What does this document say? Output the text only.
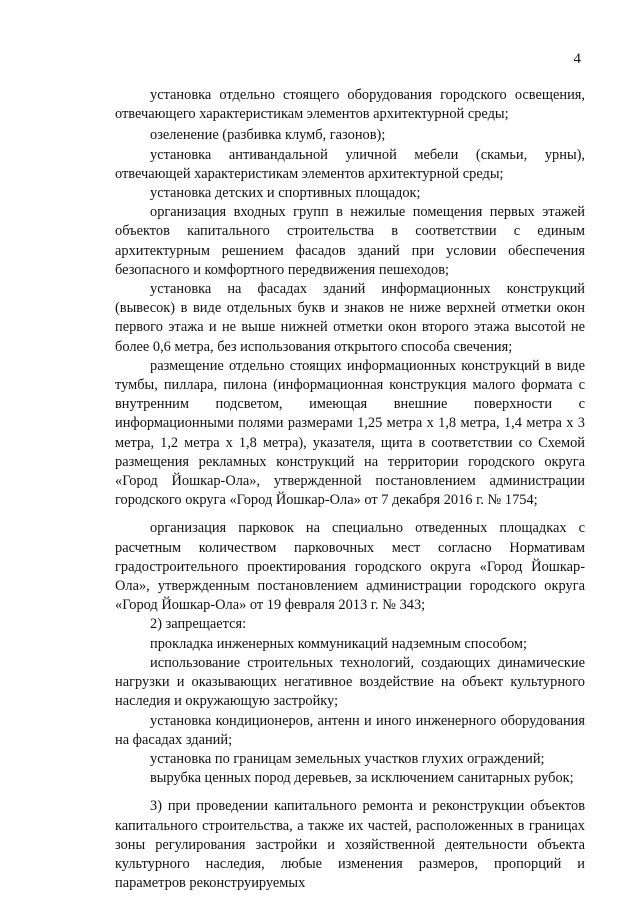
4

установка отдельно стоящего оборудования городского освещения, отвечающего характеристикам элементов архитектурной среды;

озеленение (разбивка клумб, газонов);

установка антивандальной уличной мебели (скамьи, урны), отвечающей характеристикам элементов архитектурной среды;

установка детских и спортивных площадок;

организация входных групп в нежилые помещения первых этажей объектов капитального строительства в соответствии с единым архитектурным решением фасадов зданий при условии обеспечения безопасного и комфортного передвижения пешеходов;

установка на фасадах зданий информационных конструкций (вывесок) в виде отдельных букв и знаков не ниже верхней отметки окон первого этажа и не выше нижней отметки окон второго этажа высотой не более 0,6 метра, без использования открытого способа свечения;

размещение отдельно стоящих информационных конструкций в виде тумбы, пиллара, пилона (информационная конструкция малого формата с внутренним подсветом, имеющая внешние поверхности с информационными полями размерами 1,25 метра х 1,8 метра, 1,4 метра х 3 метра, 1,2 метра х 1,8 метра), указателя, щита в соответствии со Схемой размещения рекламных конструкций на территории городского округа «Город Йошкар-Ола», утвержденной постановлением администрации городского округа «Город Йошкар-Ола» от 7 декабря 2016 г. № 1754;

организация парковок на специально отведенных площадках с расчетным количеством парковочных мест согласно Нормативам градостроительного проектирования городского округа «Город Йошкар-Ола», утвержденным постановлением администрации городского округа «Город Йошкар-Ола» от 19 февраля 2013 г. № 343;

2) запрещается:

прокладка инженерных коммуникаций надземным способом;

использование строительных технологий, создающих динамические нагрузки и оказывающих негативное воздействие на объект культурного наследия и окружающую застройку;

установка кондиционеров, антенн и иного инженерного оборудования на фасадах зданий;

установка по границам земельных участков глухих ограждений;

вырубка ценных пород деревьев, за исключением санитарных рубок;

3) при проведении капитального ремонта и реконструкции объектов капитального строительства, а также их частей, расположенных в границах зоны регулирования застройки и хозяйственной деятельности объекта культурного наследия, любые изменения размеров, пропорций и параметров реконструируемых
